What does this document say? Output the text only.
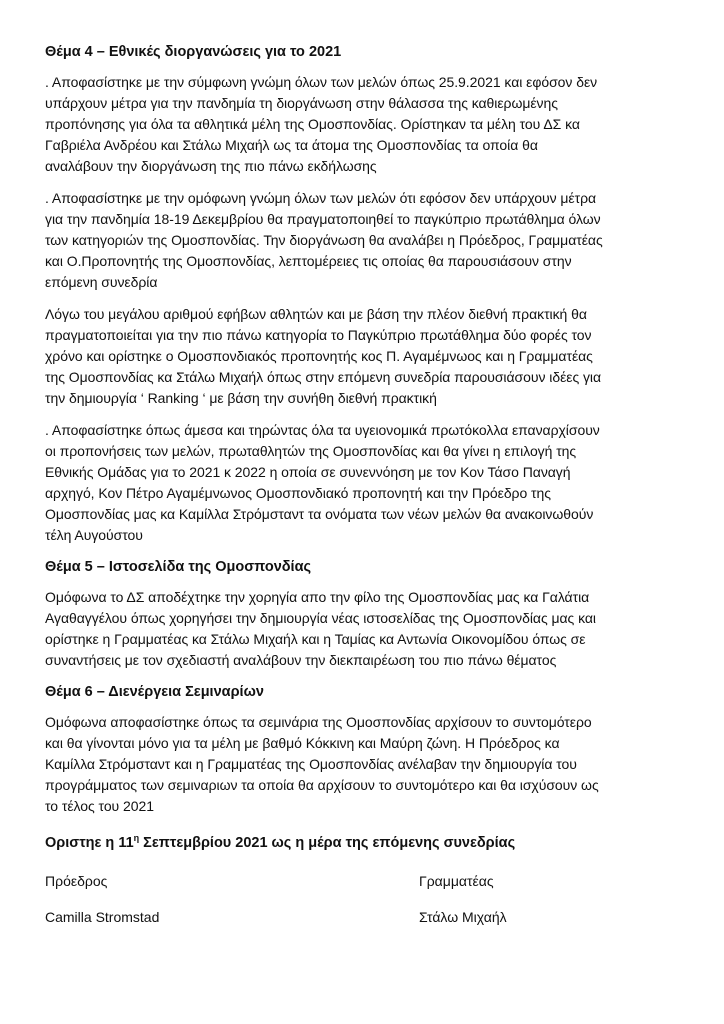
Θέμα 4 – Εθνικές διοργανώσεις για το 2021
. Αποφασίστηκε με την σύμφωνη γνώμη όλων των μελών όπως 25.9.2021 και εφόσον δεν
υπάρχουν μέτρα για την πανδημία τη διοργάνωση στην θάλασσα της καθιερωμένης
προπόνησης για όλα τα αθλητικά μέλη της Ομοσπονδίας. Ορίστηκαν τα μέλη του ΔΣ κα
Γαβριέλα Ανδρέου και Στάλω Μιχαήλ ως τα άτομα της Ομοσπονδίας τα οποία θα
αναλάβουν την διοργάνωση της πιο πάνω εκδήλωσης
. Αποφασίστηκε με την ομόφωνη γνώμη όλων των μελών ότι εφόσον δεν υπάρχουν μέτρα
για την πανδημία 18-19 Δεκεμβρίου θα πραγματοποιηθεί το παγκύπριο πρωτάθλημα όλων
των κατηγοριών της Ομοσπονδίας. Την διοργάνωση θα αναλάβει η Πρόεδρος, Γραμματέας
και Ο.Προπονητής της Ομοσπονδίας, λεπτομέρειες τις οποίας θα παρουσιάσουν στην
επόμενη συνεδρία
Λόγω του μεγάλου αριθμού εφήβων αθλητών και με βάση την πλέον διεθνή πρακτική θα
πραγματοποιείται για την πιο πάνω κατηγορία το Παγκύπριο πρωτάθλημα δύο φορές τον
χρόνο και ορίστηκε ο Ομοσπονδιακός προπονητής κος Π. Αγαμέμνωος και η Γραμματέας
της Ομοσπονδίας κα Στάλω Μιχαήλ όπως στην επόμενη συνεδρία παρουσιάσουν ιδέες για
την δημιουργία ‘ Ranking ‘ με βάση την συνήθη διεθνή πρακτική
. Αποφασίστηκε όπως άμεσα και τηρώντας όλα τα υγειονομικά πρωτόκολλα επαναρχίσουν
οι προπονήσεις των μελών, πρωταθλητών της Ομοσπονδίας και θα γίνει η επιλογή της
Εθνικής Ομάδας για το 2021 κ 2022 η οποία σε συνεννόηση με τον Κον Τάσο Παναγή
αρχηγό, Κον Πέτρο Αγαμέμνωνος Ομοσπονδιακό προπονητή και την Πρόεδρο της
Ομοσπονδίας μας κα Καμίλλα Στρόμσταντ τα ονόματα των νέων μελών θα ανακοινωθούν
τέλη Αυγούστου
Θέμα 5 – Ιστοσελίδα της Ομοσπονδίας
Ομόφωνα το ΔΣ αποδέχτηκε την χορηγία απο την φίλο της Ομοσπονδίας μας κα Γαλάτια
Αγαθαγγέλου όπως χορηγήσει την δημιουργία νέας ιστοσελίδας της Ομοσπονδίας μας και
ορίστηκε η Γραμματέας κα Στάλω Μιχαήλ και η Ταμίας κα Αντωνία Οικονομίδου όπως σε
συναντήσεις με τον σχεδιαστή αναλάβουν την διεκπαιρέωση του πιο πάνω θέματος
Θέμα 6 – Διενέργεια Σεμιναρίων
Ομόφωνα αποφασίστηκε όπως τα σεμινάρια της Ομοσπονδίας αρχίσουν το συντομότερο
και θα γίνονται μόνο για τα μέλη με βαθμό Κόκκινη και Μαύρη ζώνη. Η Πρόεδρος κα
Καμίλλα Στρόμσταντ και η Γραμματέας της Ομοσπονδίας ανέλαβαν την δημιουργία του
προγράμματος των σεμιναριων τα οποία θα αρχίσουν το συντομότερο και θα ισχύσουν ως
το τέλος του 2021
Οριστηε η $11^\eta$ Σεπτεμβρίου 2021 ως η μέρα της επόμενης συνεδρίας
Πρόεδρος	Γραμματέας
Camilla Stromstad	Στάλω Μιχαήλ
